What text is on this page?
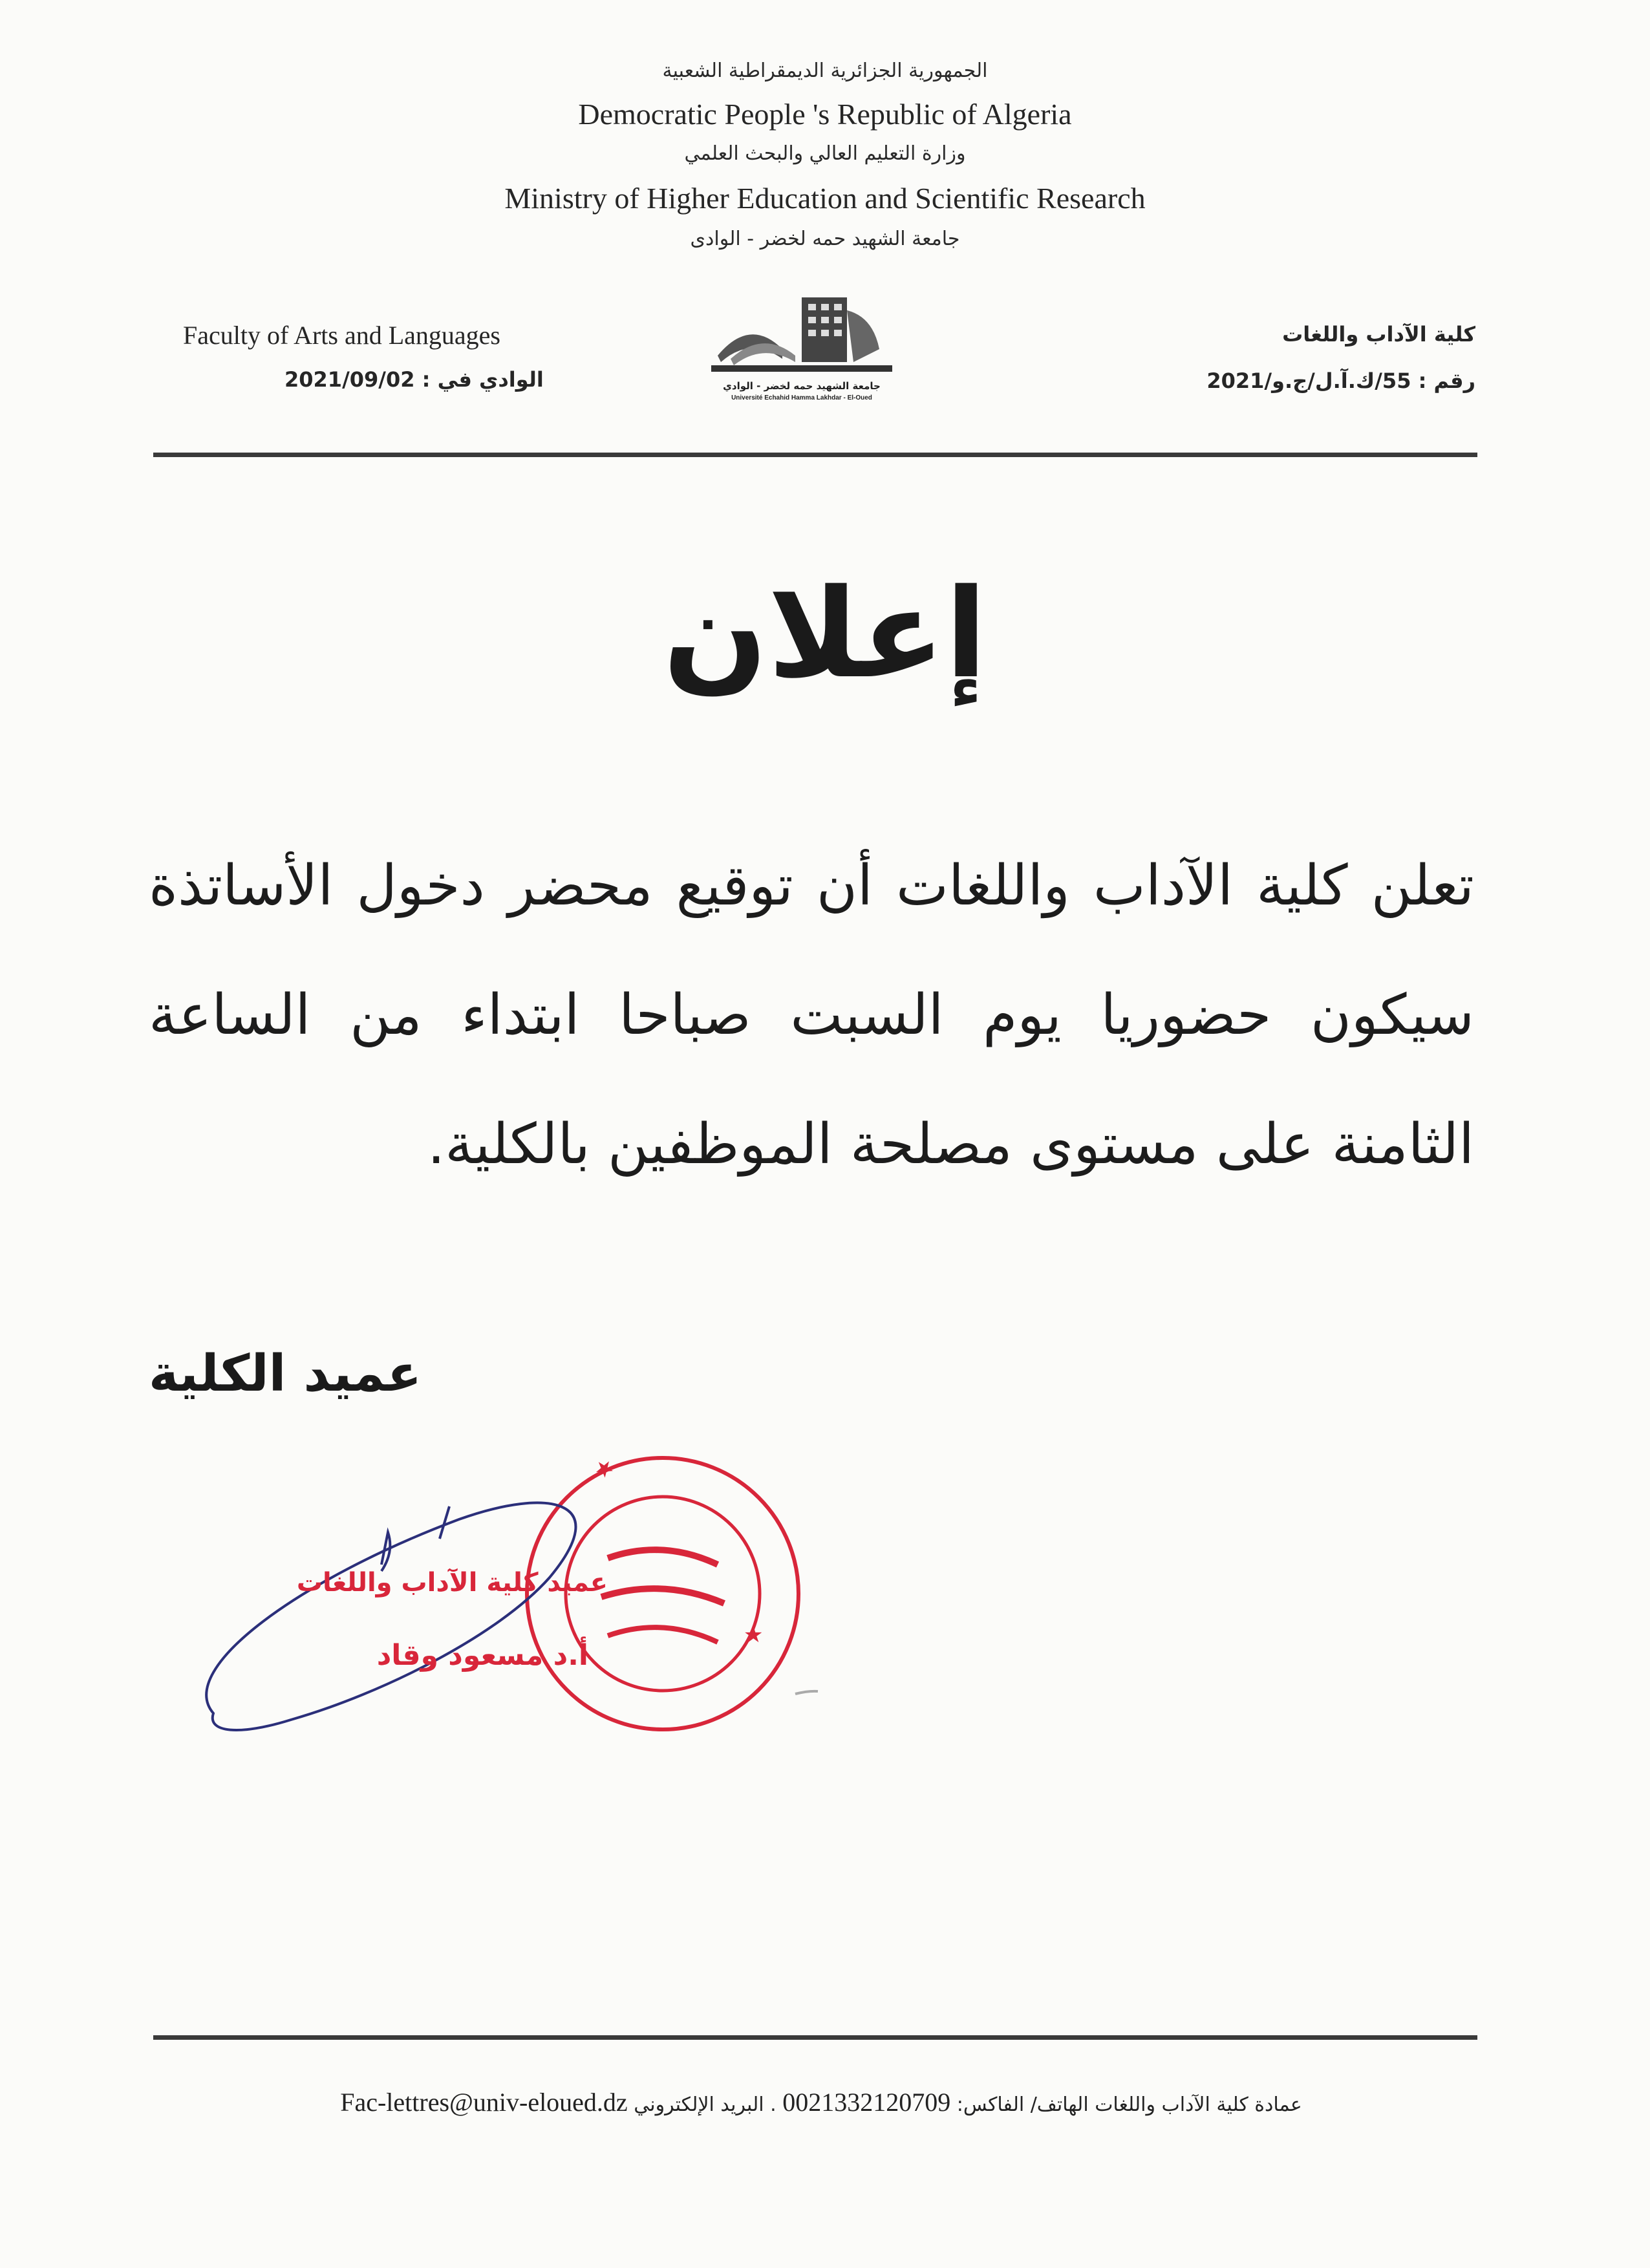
الجمهورية الجزائرية الديمقراطية الشعبية
Democratic People 's Republic of Algeria
وزارة التعليم العالي والبحث العلمي
Ministry of Higher Education and Scientific Research
جامعة الشهيد حمه لخضر - الوادى
Faculty of Arts and Languages
الوادي في : 2021/09/02
كلية الآداب واللغات
رقم : 55/ك.آ.ل/ج.و/2021
جامعة الشهيد حمه لخضر - الوادي
Université Echahid Hamma Lakhdar - El-Oued
إعلان
تعلن كلية الآداب واللغات أن توقيع محضر دخول الأساتذة سيكون حضوريا يوم السبت صباحا ابتداء من الساعة الثامنة على مستوى مصلحة الموظفين بالكلية.
عميد الكلية
★
★
عميد كلية الآداب واللغات
أ.د مسعود وقاد
عمادة كلية الآداب واللغات الهاتف/ الفاكس: 0021332120709 . البريد الإلكتروني Fac-lettres@univ-eloued.dz
